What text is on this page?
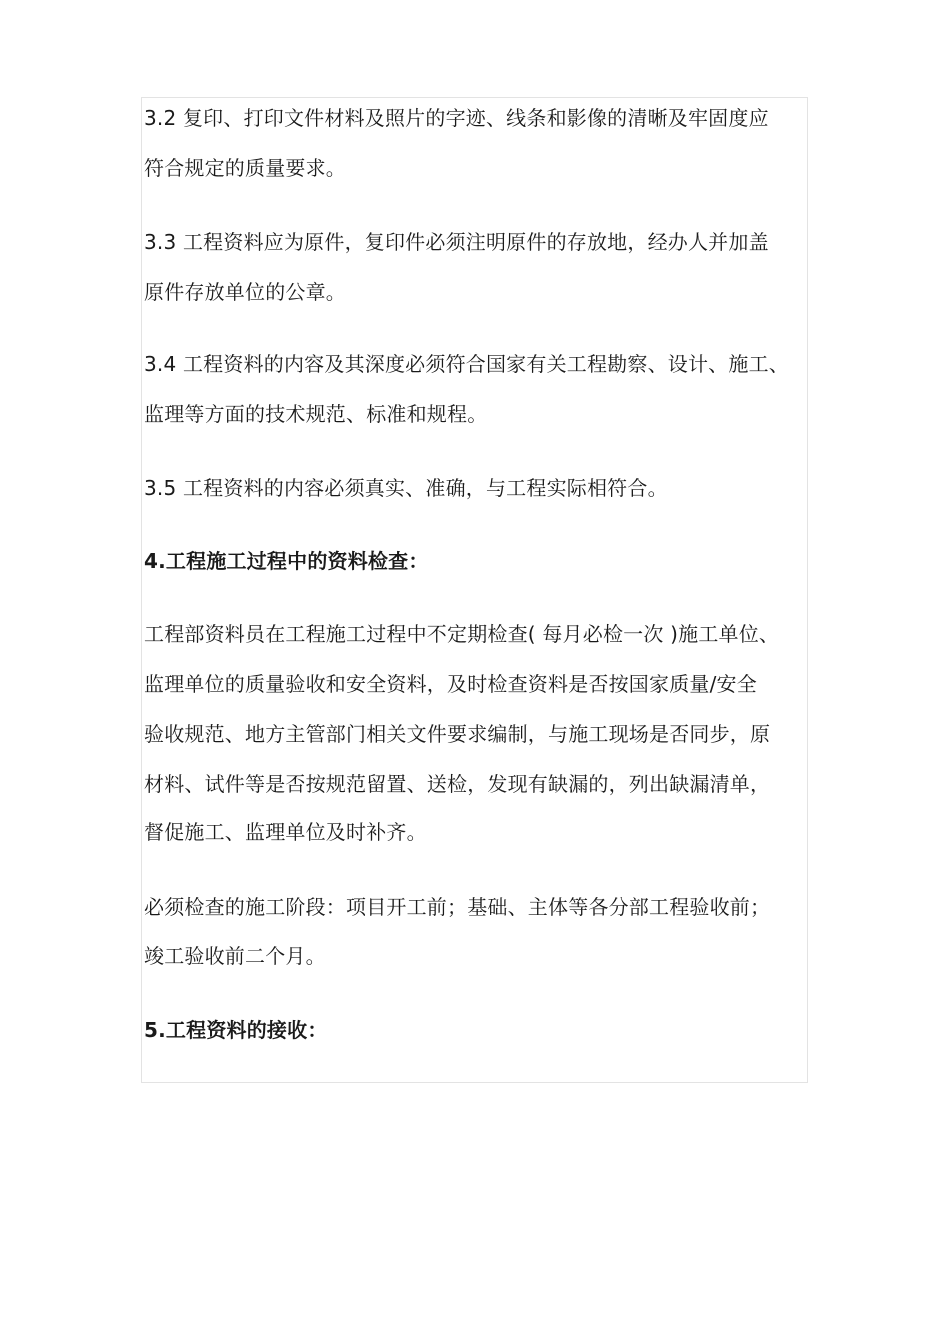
3.2 复印、打印文件材料及照片的字迹、线条和影像的清晰及牢固度应
符合规定的质量要求。
3.3 工程资料应为原件，复印件必须注明原件的存放地，经办人并加盖
原件存放单位的公章。
3.4 工程资料的内容及其深度必须符合国家有关工程勘察、设计、施工、
监理等方面的技术规范、标准和规程。
3.5 工程资料的内容必须真实、准确，与工程实际相符合。
4.工程施工过程中的资料检查：
工程部资料员在工程施工过程中不定期检查( 每月必检一次 )施工单位、
监理单位的质量验收和安全资料，及时检查资料是否按国家质量/安全
验收规范、地方主管部门相关文件要求编制，与施工现场是否同步，原
材料、试件等是否按规范留置、送检，发现有缺漏的，列出缺漏清单，
督促施工、监理单位及时补齐。
必须检查的施工阶段：项目开工前；基础、主体等各分部工程验收前；
竣工验收前二个月。
5.工程资料的接收：
